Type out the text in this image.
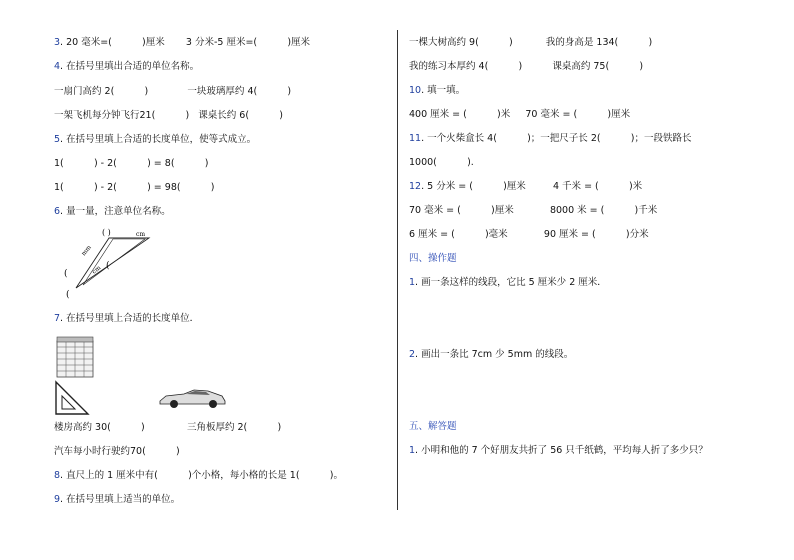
3. 20 毫米=(          )厘米       3 分米-5 厘米=(          )厘米
4. 在括号里填出合适的单位名称。
一扇门高约 2(          )             一块玻璃厚约 4(          )
一架飞机每分钟飞行21(          )   课桌长约 6(          )
5. 在括号里填上合适的长度单位，使等式成立。
1(          ) - 2(          ) = 8(          )
1(          ) - 2(          ) = 98(          )
6. 量一量，注意单位名称。
( )	cm
mm
(	cm (
(
7. 在括号里填上合适的长度单位．
楼房高约 30(          )              三角板厚约 2(          )
汽车每小时行驶约70(          )
8. 直尺上的 1 厘米中有(          )个小格，每小格的长是 1(          )。
9. 在括号里填上适当的单位。
一棵大树高约 9(          )           我的身高是 134(          )
我的练习本厚约 4(          )          课桌高约 75(          )
10. 填一填。
400 厘米 = (          )米     70 毫米 = (          )厘米
11. 一个火柴盒长 4(          )；一把尺子长 2(          )；一段铁路长
1000(          ).
12. 5 分米 = (          )厘米         4 千米 = (          )米
70 毫米 = (          )厘米            8000 米 = (          )千米
6 厘米 = (          )毫米            90 厘米 = (          )分米
四、操作题
1. 画一条这样的线段，它比 5 厘米少 2 厘米．
2. 画出一条比 7cm 少 5mm 的线段。
五、解答题
1. 小明和他的 7 个好朋友共折了 56 只千纸鹤，平均每人折了多少只？
